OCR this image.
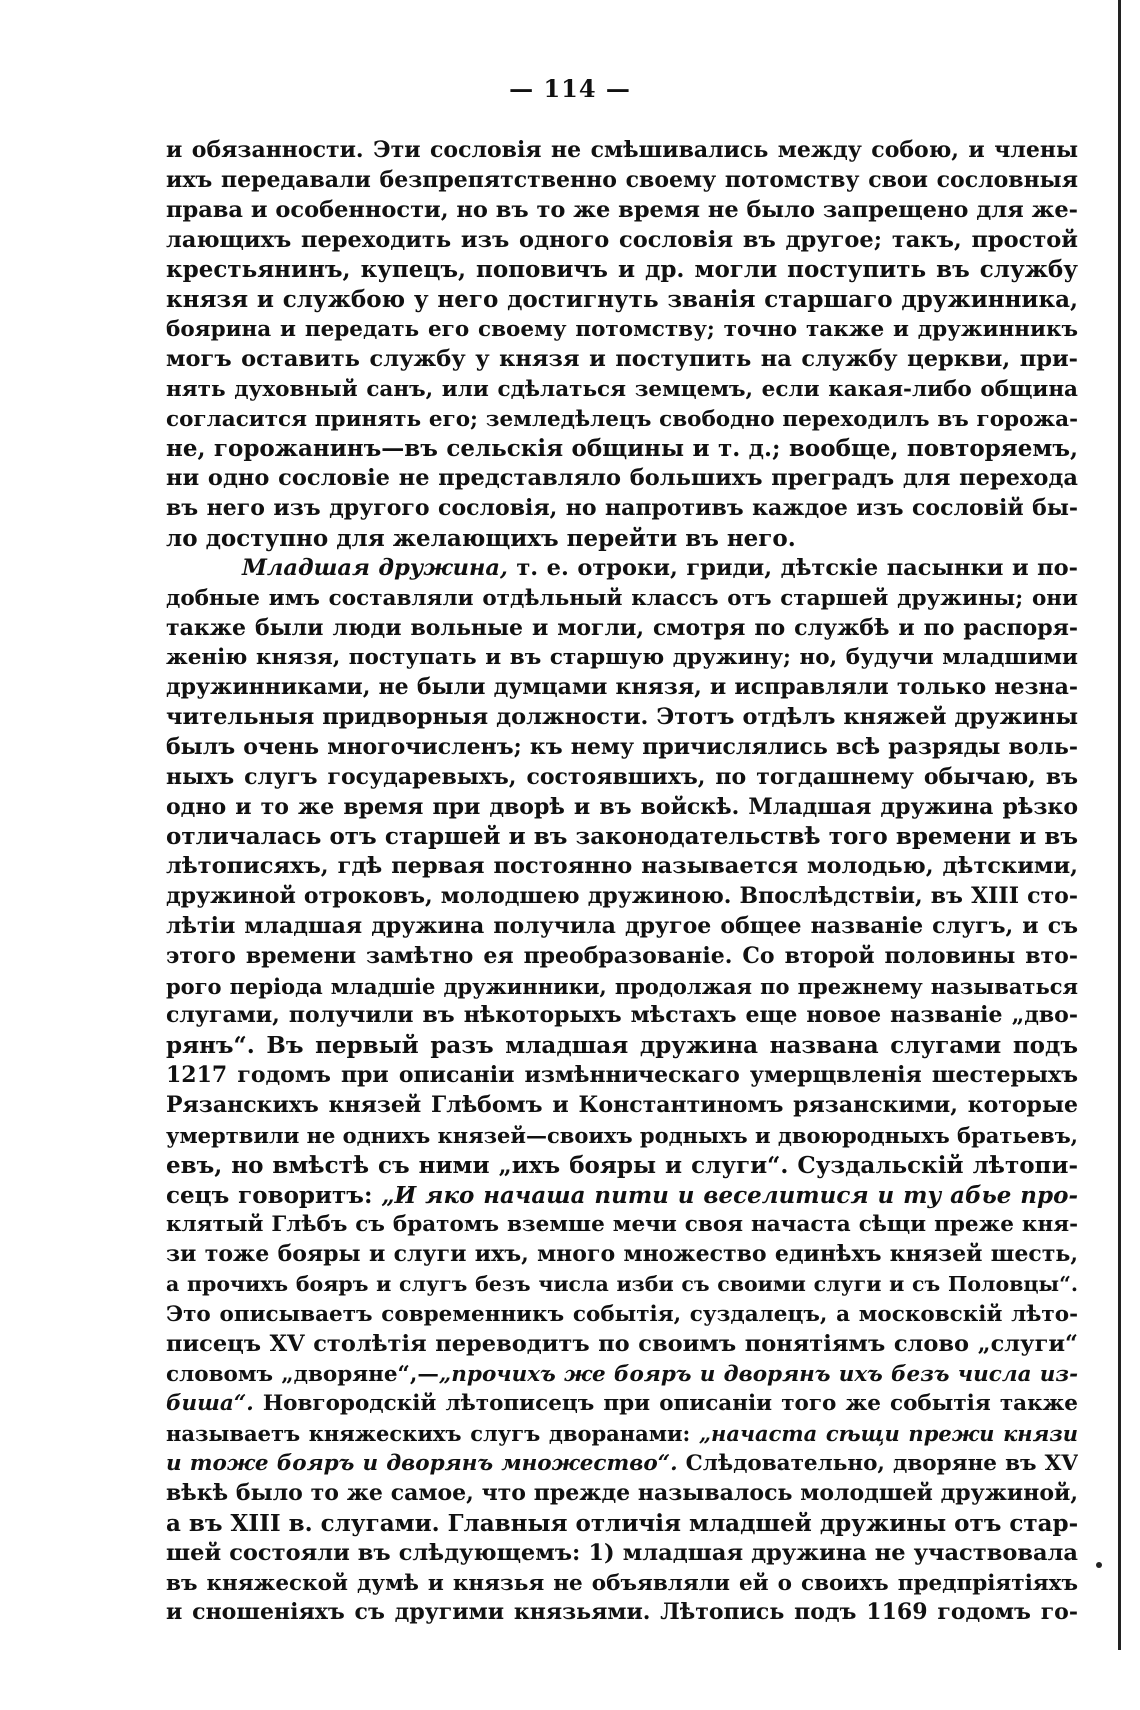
— 114 —
и обязанности. Эти сословія не смѣшивались между собою, и члены
ихъ передавали безпрепятственно своему потомству свои сословныя
права и особенности, но въ то же время не было запрещено для же-
лающихъ переходить изъ одного сословія въ другое; такъ, простой
крестьянинъ, купецъ, поповичъ и др. могли поступить въ службу
князя и службою у него достигнуть званія старшаго дружинника,
боярина и передать его своему потомству; точно также и дружинникъ
могъ оставить службу у князя и поступить на службу церкви, при-
нять духовный санъ, или сдѣлаться земцемъ, если какая-либо община
согласится принять его; земледѣлецъ свободно переходилъ въ горожа-
не, горожанинъ—въ сельскія общины и т. д.; вообще, повторяемъ,
ни одно сословіе не представляло большихъ преградъ для перехода
въ него изъ другого сословія, но напротивъ каждое изъ сословій бы-
ло доступно для желающихъ перейти въ него.
Младшая дружина, т. е. отроки, гриди, дѣтскіе пасынки и по-
добные имъ составляли отдѣльный классъ отъ старшей дружины; они
также были люди вольные и могли, смотря по службѣ и по распоря-
женію князя, поступать и въ старшую дружину; но, будучи младшими
дружинниками, не были думцами князя, и исправляли только незна-
чительныя придворныя должности. Этотъ отдѣлъ княжей дружины
былъ очень многочисленъ; къ нему причислялись всѣ разряды воль-
ныхъ слугъ государевыхъ, состоявшихъ, по тогдашнему обычаю, въ
одно и то же время при дворѣ и въ войскѣ. Младшая дружина рѣзко
отличалась отъ старшей и въ законодательствѣ того времени и въ
лѣтописяхъ, гдѣ первая постоянно называется молодью, дѣтскими,
дружиной отроковъ, молодшею дружиною. Впослѣдствіи, въ XIII сто-
лѣтіи младшая дружина получила другое общее названіе слугъ, и съ
этого времени замѣтно ея преобразованіе. Со второй половины вто-
рого періода младшіе дружинники, продолжая по прежнему называться
слугами, получили въ нѣкоторыхъ мѣстахъ еще новое названіе „дво-
рянъ“. Въ первый разъ младшая дружина названа слугами подъ
1217 годомъ при описаніи измѣнническаго умерщвленія шестерыхъ
Рязанскихъ князей Глѣбомъ и Константиномъ рязанскими, которые
умертвили не однихъ князей—своихъ родныхъ и двоюродныхъ братьевъ,
евъ, но вмѣстѣ съ ними „ихъ бояры и слуги“. Суздальскій лѣтопи-
сецъ говоритъ: „И яко начаша пити и веселитися и ту абье про-
клятый Глѣбъ съ братомъ вземше мечи своя начаста сѣщи преже кня-
зи тоже бояры и слуги ихъ, много множество единѣхъ князей шесть,
а прочихъ бояръ и слугъ безъ числа изби съ своими слуги и съ Половцы“.
Это описываетъ современникъ событія, суздалецъ, а московскій лѣто-
писецъ XV столѣтія переводитъ по своимъ понятіямъ слово „слуги“
словомъ „дворяне“,—„прочихъ же бояръ и дворянъ ихъ безъ числа из-
биша“. Новгородскій лѣтописецъ при описаніи того же событія также
называетъ княжескихъ слугъ дворанами: „начаста сѣщи прежи князи
и тоже бояръ и дворянъ множество“. Слѣдовательно, дворяне въ XV
вѣкѣ было то же самое, что прежде называлось молодшей дружиной,
а въ XIII в. слугами. Главныя отличія младшей дружины отъ стар-
шей состояли въ слѣдующемъ: 1) младшая дружина не участвовала
въ княжеской думѣ и князья не объявляли ей о своихъ предпріятіяхъ
и сношеніяхъ съ другими князьями. Лѣтопись подъ 1169 годомъ го-
